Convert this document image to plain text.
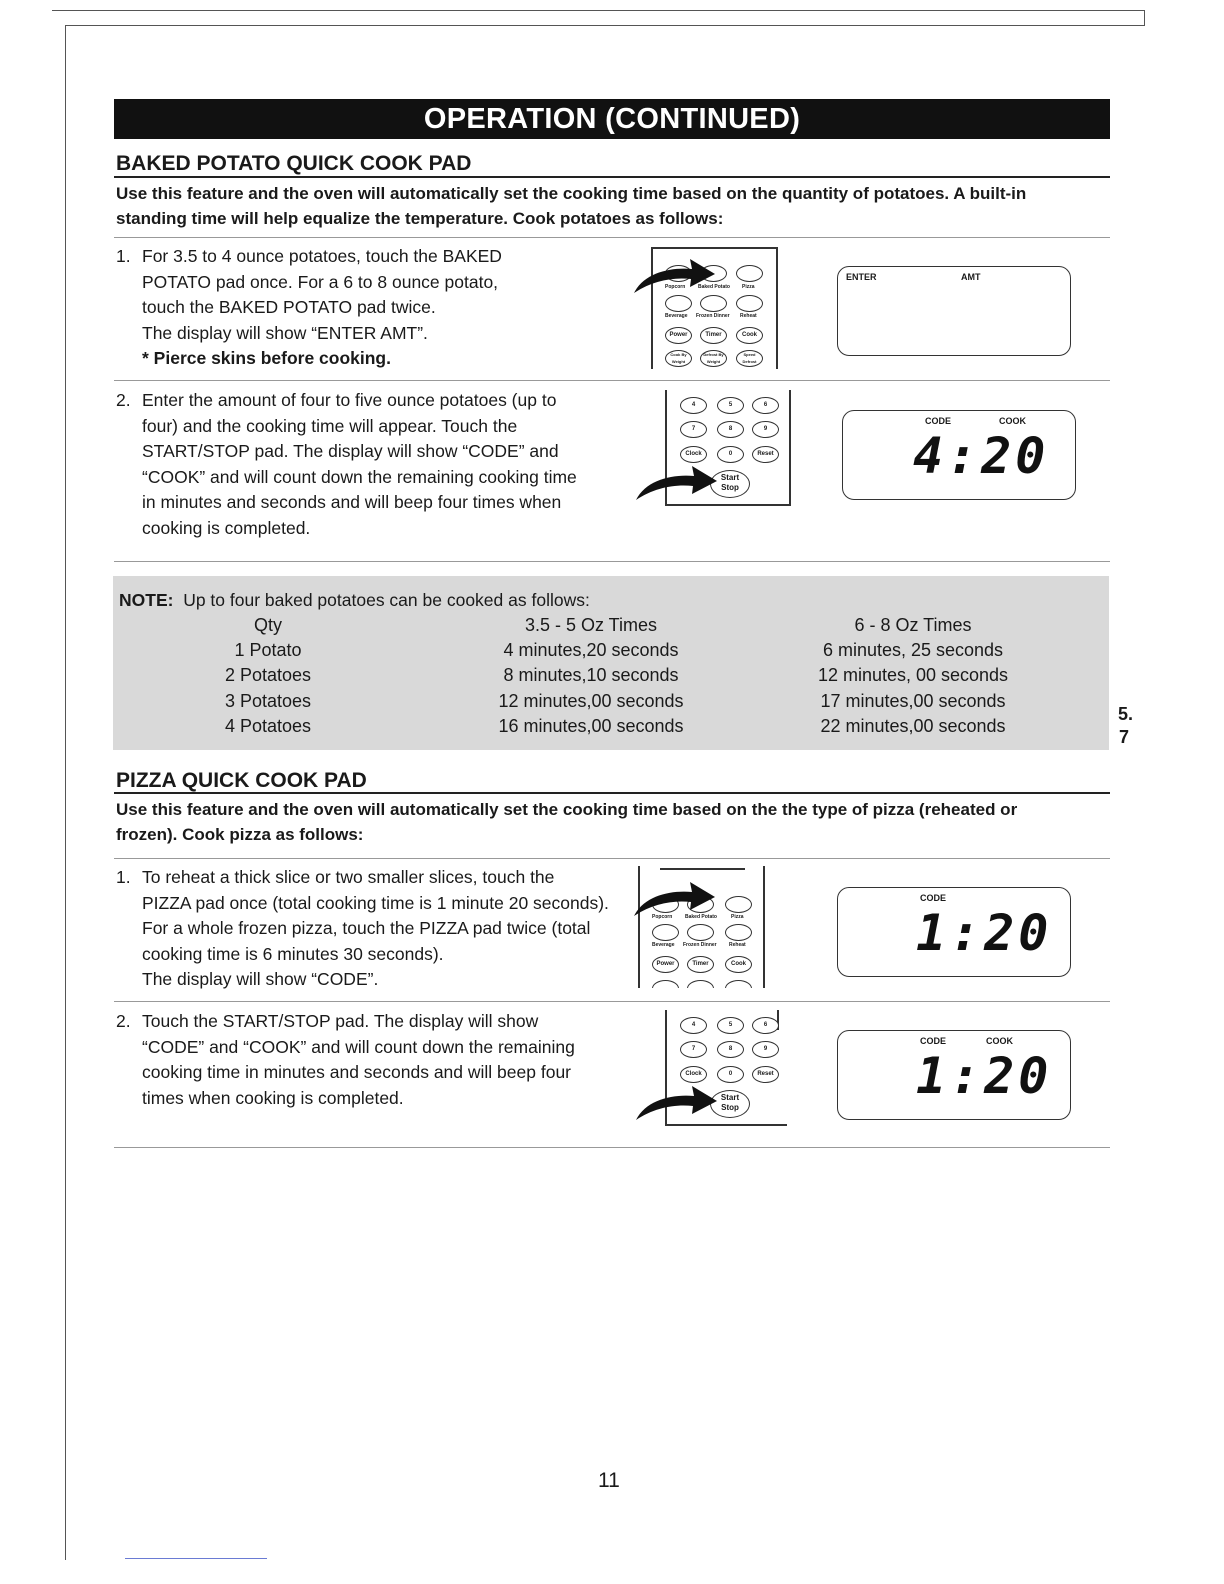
OPERATION (CONTINUED)
BAKED POTATO QUICK COOK PAD
Use this feature and the oven will automatically set the cooking time based on the quantity of potatoes. A built-in
standing time will help equalize the temperature. Cook potatoes as follows:
1. For 3.5 to 4 ounce potatoes, touch the BAKED
POTATO pad once. For a 6 to 8 ounce potato,
touch the BAKED POTATO pad twice.
The display will show “ENTER AMT”.
* Pierce skins before cooking.
Popcorn	Baked Potato Pizza
Beverage Frozen Dinner Reheat
Power	Timer	Cook
Cook By Weight
Defrost By Weight
Speed Defrost
ENTER	AMT
2. Enter the amount of four to five ounce potatoes (up to
four) and the cooking time will appear. Touch the
START/STOP pad. The display will show “CODE” and
“COOK” and will count down the remaining cooking time
in minutes and seconds and will beep four times when
cooking is completed.
4	5	6
7	8	9
Clock	0	Reset
Start Stop
CODE	COOK
4:20
NOTE: Up to four baked potatoes can be cooked as follows:
Qty	3.5 - 5 Oz Times	6 - 8 Oz Times
1 Potato	4 minutes,20 seconds	6 minutes, 25 seconds
2 Potatoes	8 minutes,10 seconds	12 minutes, 00 seconds
3 Potatoes	12 minutes,00 seconds	17 minutes,00 seconds
4 Potatoes	16 minutes,00 seconds	22 minutes,00 seconds
5.
7
PIZZA QUICK COOK PAD
Use this feature and the oven will automatically set the cooking time based on the the type of pizza (reheated or
frozen). Cook pizza as follows:
1. To reheat a thick slice or two smaller slices, touch the
PIZZA pad once (total cooking time is 1 minute 20 seconds).
For a whole frozen pizza, touch the PIZZA pad twice (total
cooking time is 6 minutes 30 seconds).
The display will show “CODE”.
Popcorn	Baked Potato	Pizza
Beverage Frozen Dinner Reheat
Power	Timer	Cook
CODE
1:20
2. Touch the START/STOP pad. The display will show
“CODE” and “COOK” and will count down the remaining
cooking time in minutes and seconds and will beep four
times when cooking is completed.
4	5	6
7	8	9
Clock	0	Reset
Start Stop
CODE	COOK
1:20
11
